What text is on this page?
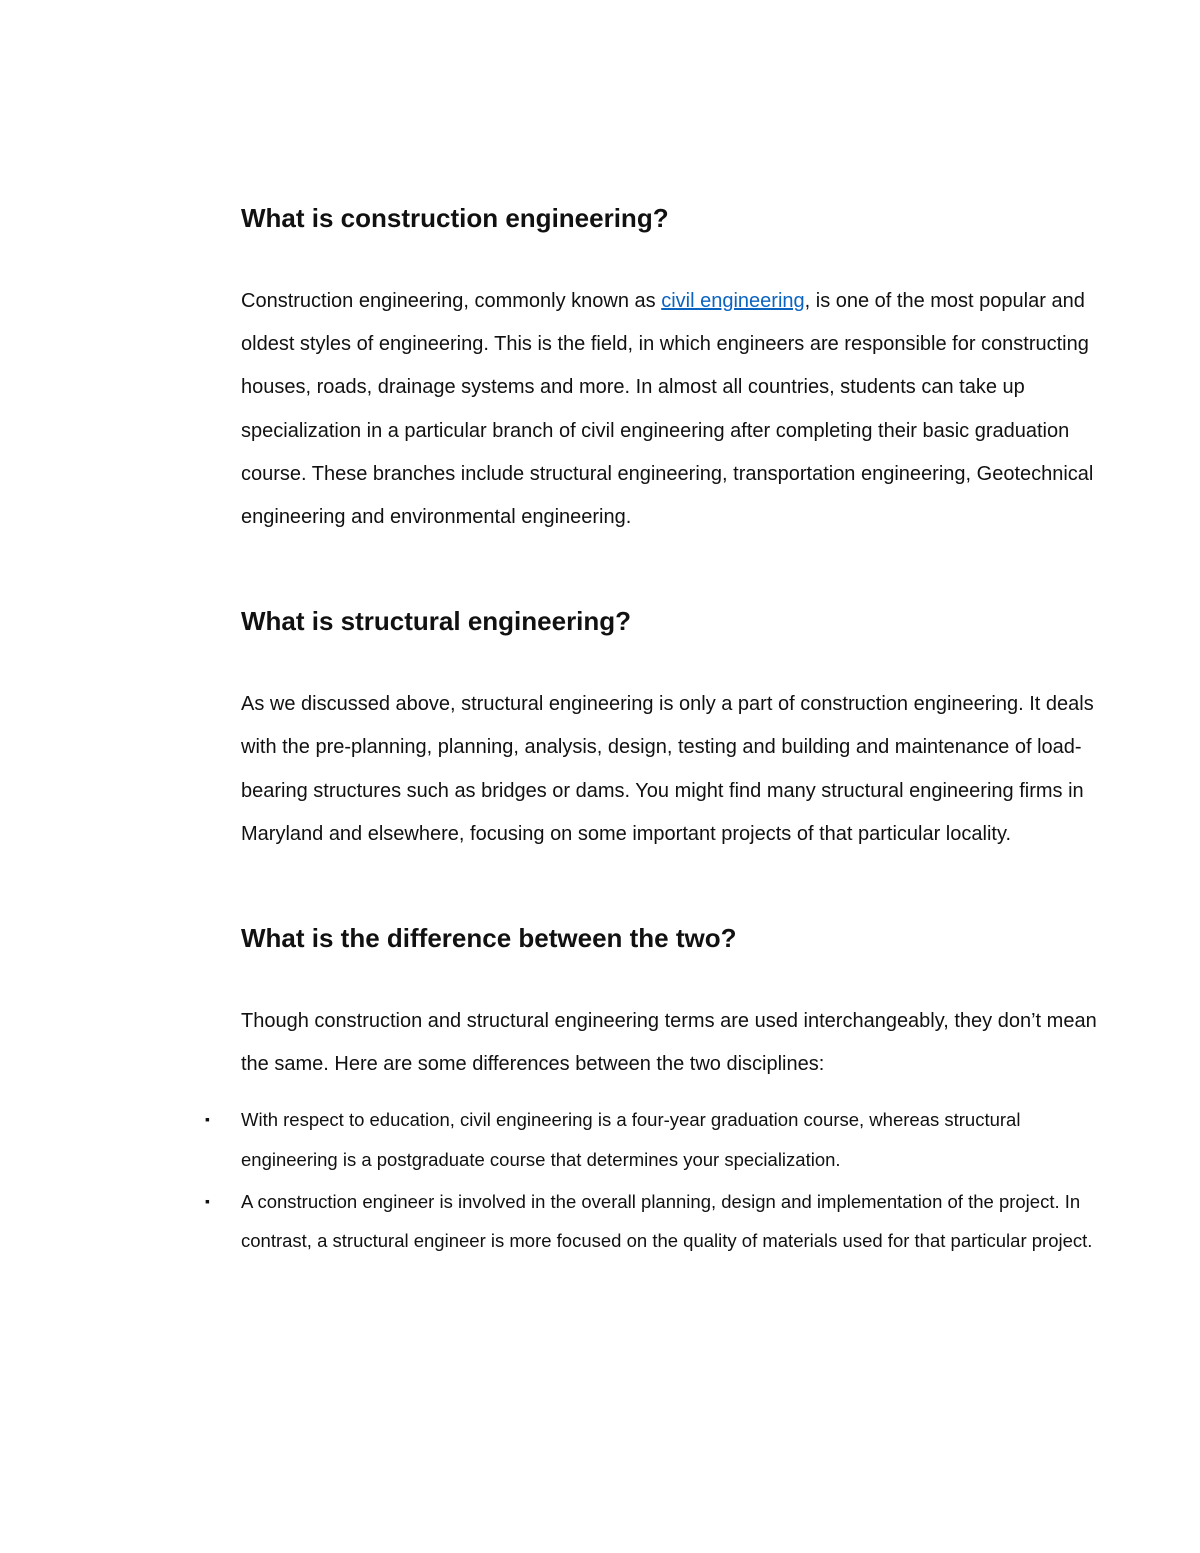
What is construction engineering?

Construction engineering, commonly known as civil engineering, is one of the most popular and oldest styles of engineering. This is the field, in which engineers are responsible for constructing houses, roads, drainage systems and more. In almost all countries, students can take up specialization in a particular branch of civil engineering after completing their basic graduation course. These branches include structural engineering, transportation engineering, Geotechnical engineering and environmental engineering.

What is structural engineering?

As we discussed above, structural engineering is only a part of construction engineering. It deals with the pre-planning, planning, analysis, design, testing and building and maintenance of load-bearing structures such as bridges or dams. You might find many structural engineering firms in Maryland and elsewhere, focusing on some important projects of that particular locality.

What is the difference between the two?

Though construction and structural engineering terms are used interchangeably, they don’t mean the same. Here are some differences between the two disciplines:

▪ With respect to education, civil engineering is a four-year graduation course, whereas structural engineering is a postgraduate course that determines your specialization.
▪ A construction engineer is involved in the overall planning, design and implementation of the project. In contrast, a structural engineer is more focused on the quality of materials used for that particular project.
